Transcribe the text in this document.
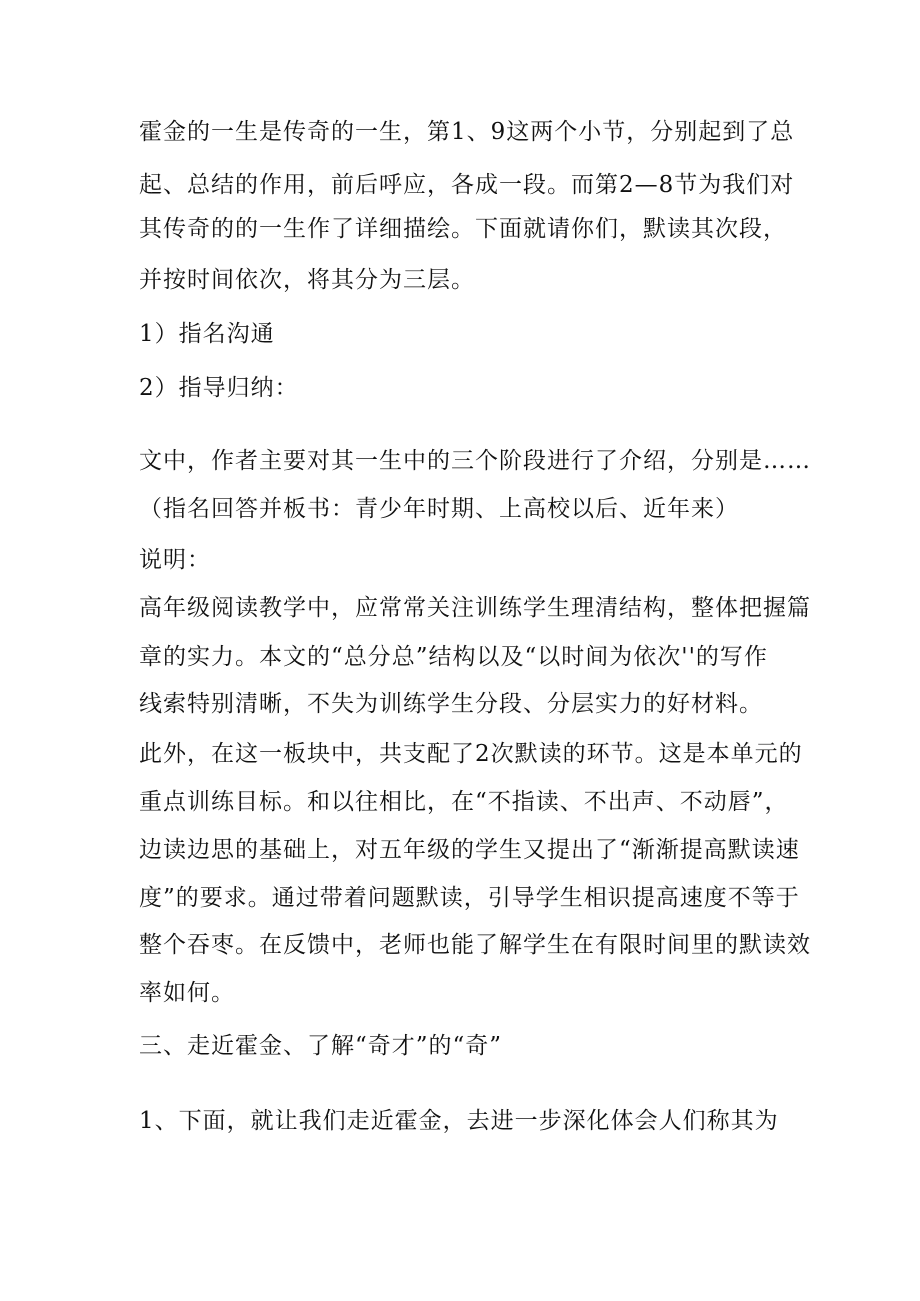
霍金的一生是传奇的一生，第1、9这两个小节，分别起到了总
起、总结的作用，前后呼应，各成一段。而第2—8节为我们对
其传奇的的一生作了详细描绘。下面就请你们，默读其次段，
并按时间依次，将其分为三层。
1）指名沟通
2）指导归纳：
文中，作者主要对其一生中的三个阶段进行了介绍，分别是……
（指名回答并板书：青少年时期、上高校以后、近年来）
说明：
高年级阅读教学中，应常常关注训练学生理清结构，整体把握篇
章的实力。本文的“总分总”结构以及“以时间为依次''的写作
线索特别清晰，不失为训练学生分段、分层实力的好材料。
此外，在这一板块中，共支配了2次默读的环节。这是本单元的
重点训练目标。和以往相比，在“不指读、不出声、不动唇”，
边读边思的基础上，对五年级的学生又提出了“渐渐提高默读速
度”的要求。通过带着问题默读，引导学生相识提高速度不等于
整个吞枣。在反馈中，老师也能了解学生在有限时间里的默读效
率如何。
三、走近霍金、了解“奇才”的“奇”
1、下面，就让我们走近霍金，去进一步深化体会人们称其为
